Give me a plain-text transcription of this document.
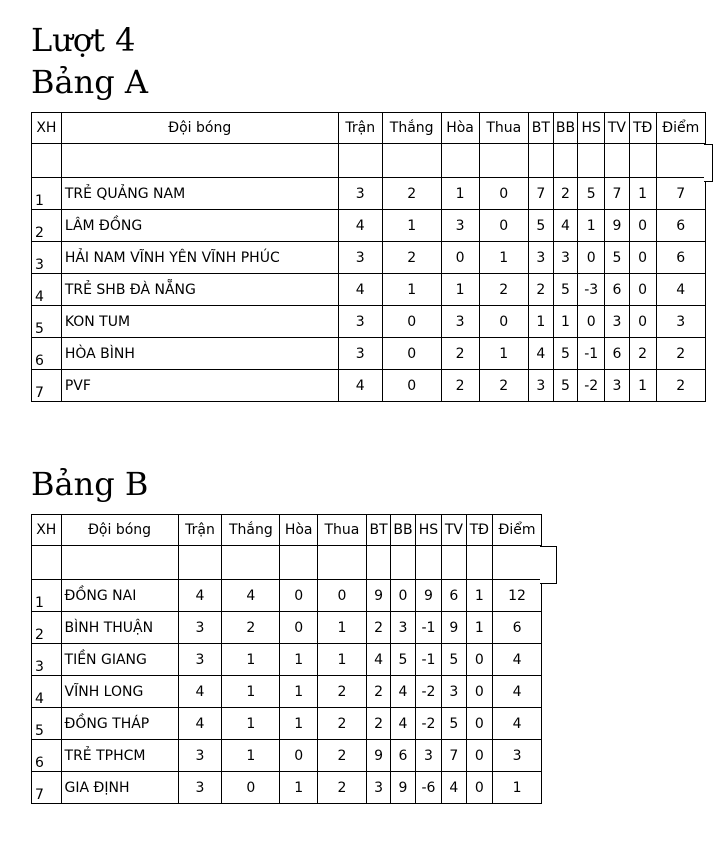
Lượt 4
Bảng A
XH	Đội bóng	Trận	Thắng	Hòa	Thua	BT	BB	HS	TV	TĐ	Điểm

1	TRẺ QUẢNG NAM	3	2	1	0	7	2	5	7	1	7
2	LÂM ĐỒNG	4	1	3	0	5	4	1	9	0	6
3	HẢI NAM VĨNH YÊN VĨNH PHÚC	3	2	0	1	3	3	0	5	0	6
4	TRẺ SHB ĐÀ NẴNG	4	1	1	2	2	5	-3	6	0	4
5	KON TUM	3	0	3	0	1	1	0	3	0	3
6	HÒA BÌNH	3	0	2	1	4	5	-1	6	2	2
7	PVF	4	0	2	2	3	5	-2	3	1	2
Bảng B
XH	Đội bóng	Trận	Thắng	Hòa	Thua	BT	BB	HS	TV	TĐ	Điểm

1	ĐỒNG NAI	4	4	0	0	9	0	9	6	1	12
2	BÌNH THUẬN	3	2	0	1	2	3	-1	9	1	6
3	TIỀN GIANG	3	1	1	1	4	5	-1	5	0	4
4	VĨNH LONG	4	1	1	2	2	4	-2	3	0	4
5	ĐỒNG THÁP	4	1	1	2	2	4	-2	5	0	4
6	TRẺ TPHCM	3	1	0	2	9	6	3	7	0	3
7	GIA ĐỊNH	3	0	1	2	3	9	-6	4	0	1
